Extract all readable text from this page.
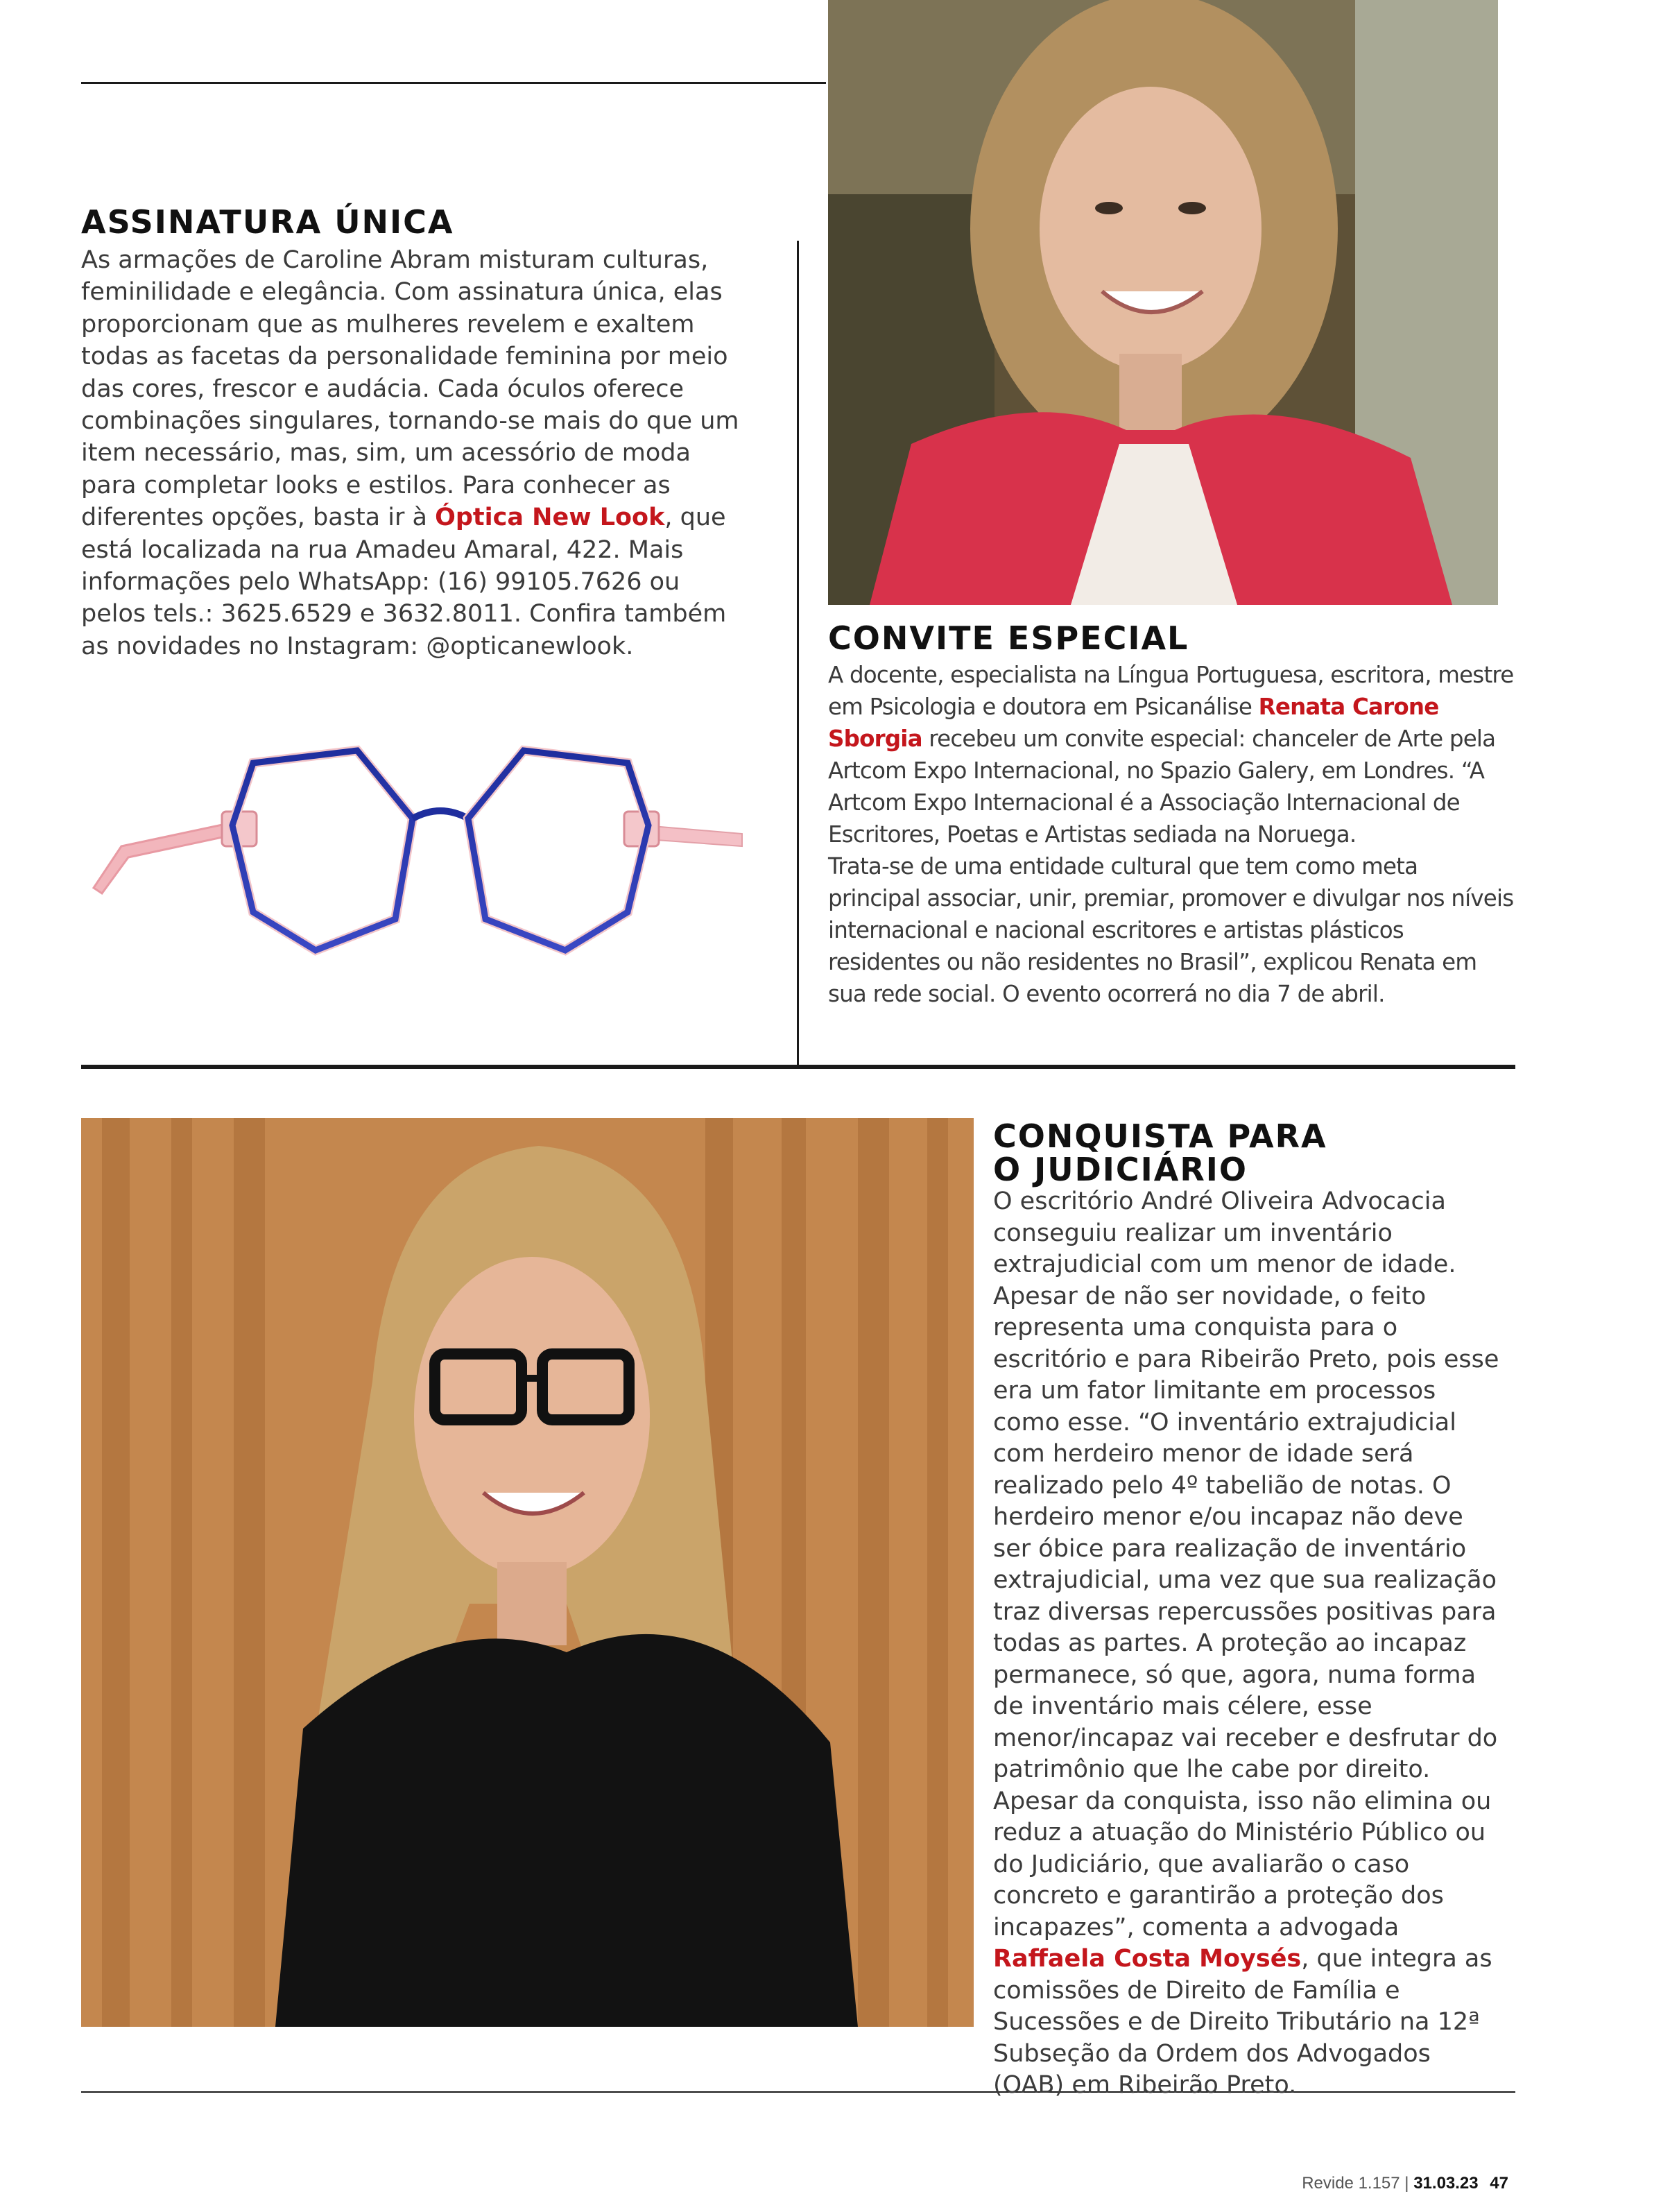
ASSINATURA ÚNICA

As armações de Caroline Abram misturam culturas, feminilidade e elegância. Com assinatura única, elas proporcionam que as mulheres revelem e exaltem todas as facetas da personalidade feminina por meio das cores, frescor e audácia. Cada óculos oferece combinações singulares, tornando-se mais do que um item necessário, mas, sim, um acessório de moda para completar looks e estilos. Para conhecer as diferentes opções, basta ir à Óptica New Look, que está localizada na rua Amadeu Amaral, 422. Mais informações pelo WhatsApp: (16) 99105.7626 ou pelos tels.: 3625.6529 e 3632.8011. Confira também as novidades no Instagram: @opticanewlook.	CONVITE ESPECIAL

A docente, especialista na Língua Portuguesa, escritora, mestre em Psicologia e doutora em Psicanálise Renata Carone Sborgia recebeu um convite especial: chanceler de Arte pela Artcom Expo Internacional, no Spazio Galery, em Londres. “A Artcom Expo Internacional é a Associação Internacional de Escritores, Poetas e Artistas sediada na Noruega.
Trata-se de uma entidade cultural que tem como meta principal associar, unir, premiar, promover e divulgar nos níveis internacional e nacional escritores e artistas plásticos residentes ou não residentes no Brasil”, explicou Renata em sua rede social. O evento ocorrerá no dia 7 de abril.

CONQUISTA PARA
O JUDICIÁRIO

O escritório André Oliveira Advocacia conseguiu realizar um inventário extrajudicial com um menor de idade. Apesar de não ser novidade, o feito representa uma conquista para o escritório e para Ribeirão Preto, pois esse era um fator limitante em processos como esse. “O inventário extrajudicial com herdeiro menor de idade será realizado pelo 4º tabelião de notas. O herdeiro menor e/ou incapaz não deve ser óbice para realização de inventário extrajudicial, uma vez que sua realização traz diversas repercussões positivas para todas as partes. A proteção ao incapaz permanece, só que, agora, numa forma de inventário mais célere, esse menor/incapaz vai receber e desfrutar do patrimônio que lhe cabe por direito. Apesar da conquista, isso não elimina ou reduz a atuação do Ministério Público ou do Judiciário, que avaliarão o caso concreto e garantirão a proteção dos incapazes”, comenta a advogada Raffaela Costa Moysés, que integra as comissões de Direito de Família e Sucessões e de Direito Tributário na 12ª Subseção da Ordem dos Advogados (OAB) em Ribeirão Preto.

Revide 1.157 | 31.03.23 47
